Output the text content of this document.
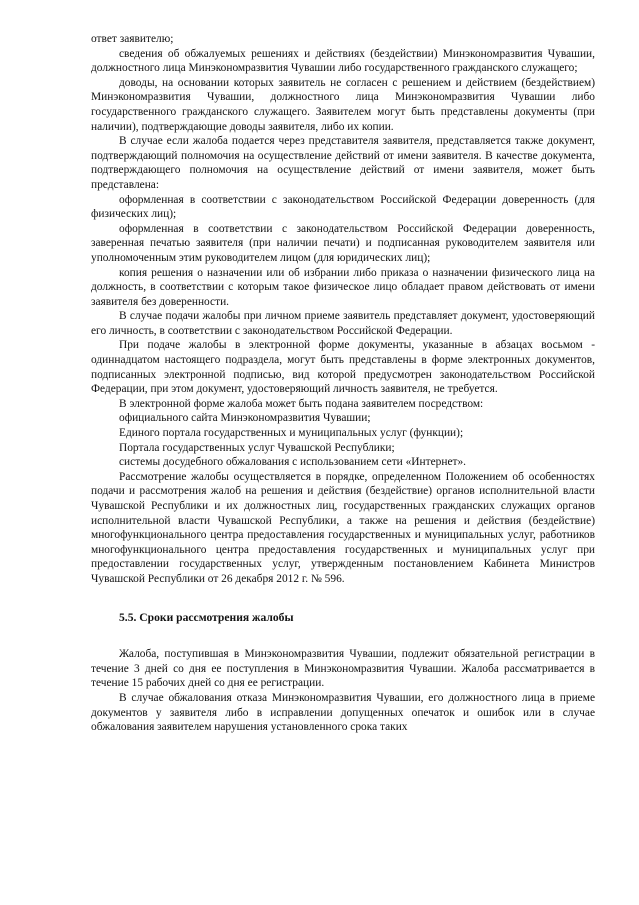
ответ заявителю;

сведения об обжалуемых решениях и действиях (бездействии) Минэкономразвития Чувашии, должностного лица Минэкономразвития Чувашии либо государственного гражданского служащего;

доводы, на основании которых заявитель не согласен с решением и действием (бездействием) Минэкономразвития Чувашии, должностного лица Минэкономразвития Чувашии либо государственного гражданского служащего. Заявителем могут быть представлены документы (при наличии), подтверждающие доводы заявителя, либо их копии.

В случае если жалоба подается через представителя заявителя, представляется также документ, подтверждающий полномочия на осуществление действий от имени заявителя. В качестве документа, подтверждающего полномочия на осуществление действий от имени заявителя, может быть представлена:

оформленная в соответствии с законодательством Российской Федерации доверенность (для физических лиц);

оформленная в соответствии с законодательством Российской Федерации доверенность, заверенная печатью заявителя (при наличии печати) и подписанная руководителем заявителя или уполномоченным этим руководителем лицом (для юридических лиц);

копия решения о назначении или об избрании либо приказа о назначении физического лица на должность, в соответствии с которым такое физическое лицо обладает правом действовать от имени заявителя без доверенности.

В случае подачи жалобы при личном приеме заявитель представляет документ, удостоверяющий его личность, в соответствии с законодательством Российской Федерации.

При подаче жалобы в электронной форме документы, указанные в абзацах восьмом - одиннадцатом настоящего подраздела, могут быть представлены в форме электронных документов, подписанных электронной подписью, вид которой предусмотрен законодательством Российской Федерации, при этом документ, удостоверяющий личность заявителя, не требуется.

В электронной форме жалоба может быть подана заявителем посредством:

официального сайта Минэкономразвития Чувашии;

Единого портала государственных и муниципальных услуг (функции);

Портала государственных услуг Чувашской Республики;

системы досудебного обжалования с использованием сети «Интернет».

Рассмотрение жалобы осуществляется в порядке, определенном Положением об особенностях подачи и рассмотрения жалоб на решения и действия (бездействие) органов исполнительной власти Чувашской Республики и их должностных лиц, государственных гражданских служащих органов исполнительной власти Чувашской Республики, а также на решения и действия (бездействие) многофункционального центра предоставления государственных и муниципальных услуг, работников многофункционального центра предоставления государственных и муниципальных услуг при предоставлении государственных услуг, утвержденным постановлением Кабинета Министров Чувашской Республики от 26 декабря 2012 г. № 596.

5.5. Сроки рассмотрения жалобы

Жалоба, поступившая в Минэкономразвития Чувашии, подлежит обязательной регистрации в течение 3 дней со дня ее поступления в Минэкономразвития Чувашии. Жалоба рассматривается в течение 15 рабочих дней со дня ее регистрации.

В случае обжалования отказа Минэкономразвития Чувашии, его должностного лица в приеме документов у заявителя либо в исправлении допущенных опечаток и ошибок или в случае обжалования заявителем нарушения установленного срока таких
